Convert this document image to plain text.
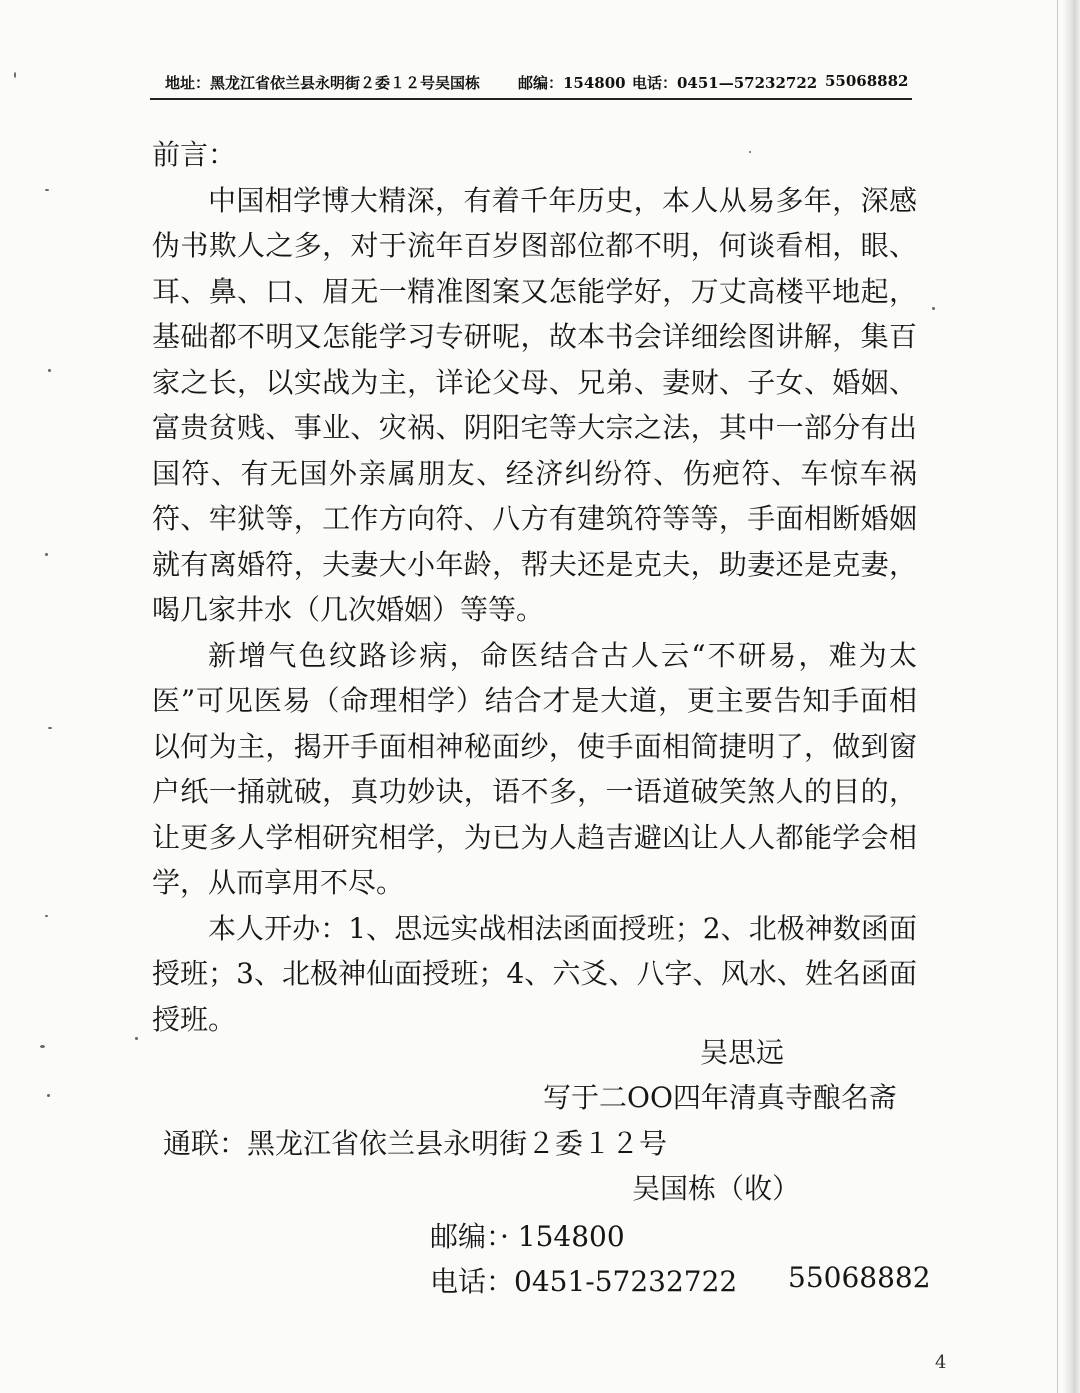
地址：黑龙江省依兰县永明街２委１２号吴国栋	邮编：154800 电话：0451—57232722 55068882

前言：

中国相学博大精深，有着千年历史，本人从易多年，深感伪书欺人之多，对于流年百岁图部位都不明，何谈看相，眼、耳、鼻、口、眉无一精准图案又怎能学好，万丈高楼平地起，基础都不明又怎能学习专研呢，故本书会详细绘图讲解，集百家之长，以实战为主，详论父母、兄弟、妻财、子女、婚姻、富贵贫贱、事业、灾祸、阴阳宅等大宗之法，其中一部分有出国符、有无国外亲属朋友、经济纠纷符、伤疤符、车惊车祸符、牢狱等，工作方向符、八方有建筑符等等，手面相断婚姻就有离婚符，夫妻大小年龄，帮夫还是克夫，助妻还是克妻，喝几家井水（几次婚姻）等等。

新增气色纹路诊病，命医结合古人云“不研易，难为太医”可见医易（命理相学）结合才是大道，更主要告知手面相以何为主，揭开手面相神秘面纱，使手面相简捷明了，做到窗户纸一捅就破，真功妙诀，语不多，一语道破笑煞人的目的，让更多人学相研究相学，为已为人趋吉避凶让人人都能学会相学，从而享用不尽。

本人开办：1、思远实战相法函面授班；2、北极神数函面授班；3、北极神仙面授班；4、六爻、八字、风水、姓名函面授班。

吴思远
写于二OO四年清真寺酿名斋
通联：黑龙江省依兰县永明街２委１２号
吴国栋（收）
邮编：· 154800
电话：0451-57232722 55068882
4
